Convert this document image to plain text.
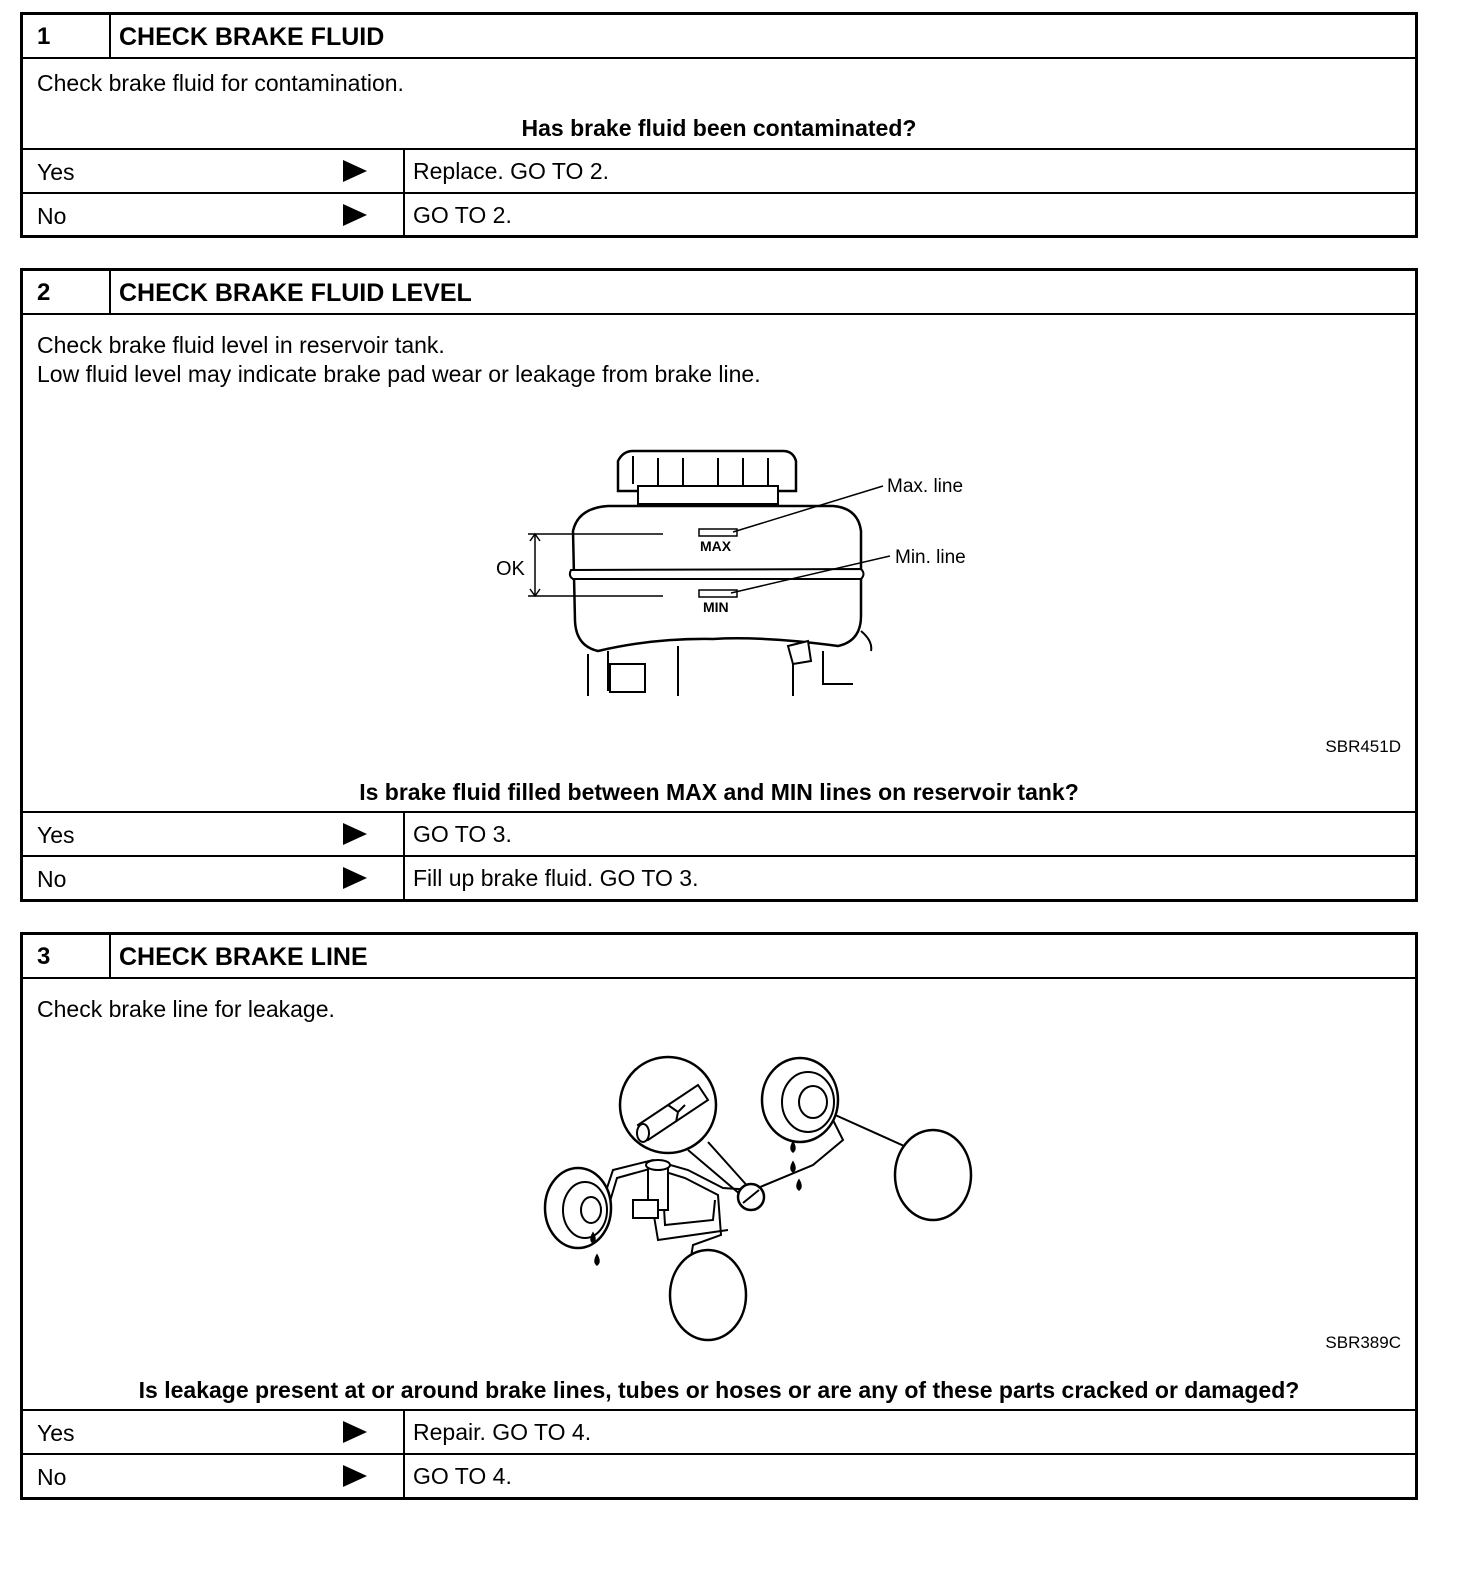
1	CHECK BRAKE FLUID
Check brake fluid for contamination.
Has brake fluid been contaminated?
Yes	Replace. GO TO 2.
No	GO TO 2.
2	CHECK BRAKE FLUID LEVEL
Check brake fluid level in reservoir tank.
Low fluid level may indicate brake pad wear or leakage from brake line.
MAX
MIN
OK
Max. line
Min. line
SBR451D
Is brake fluid filled between MAX and MIN lines on reservoir tank?
Yes	GO TO 3.
No	Fill up brake fluid. GO TO 3.
3	CHECK BRAKE LINE
Check brake line for leakage.
SBR389C
Is leakage present at or around brake lines, tubes or hoses or are any of these parts cracked or damaged?
Yes	Repair. GO TO 4.
No	GO TO 4.
